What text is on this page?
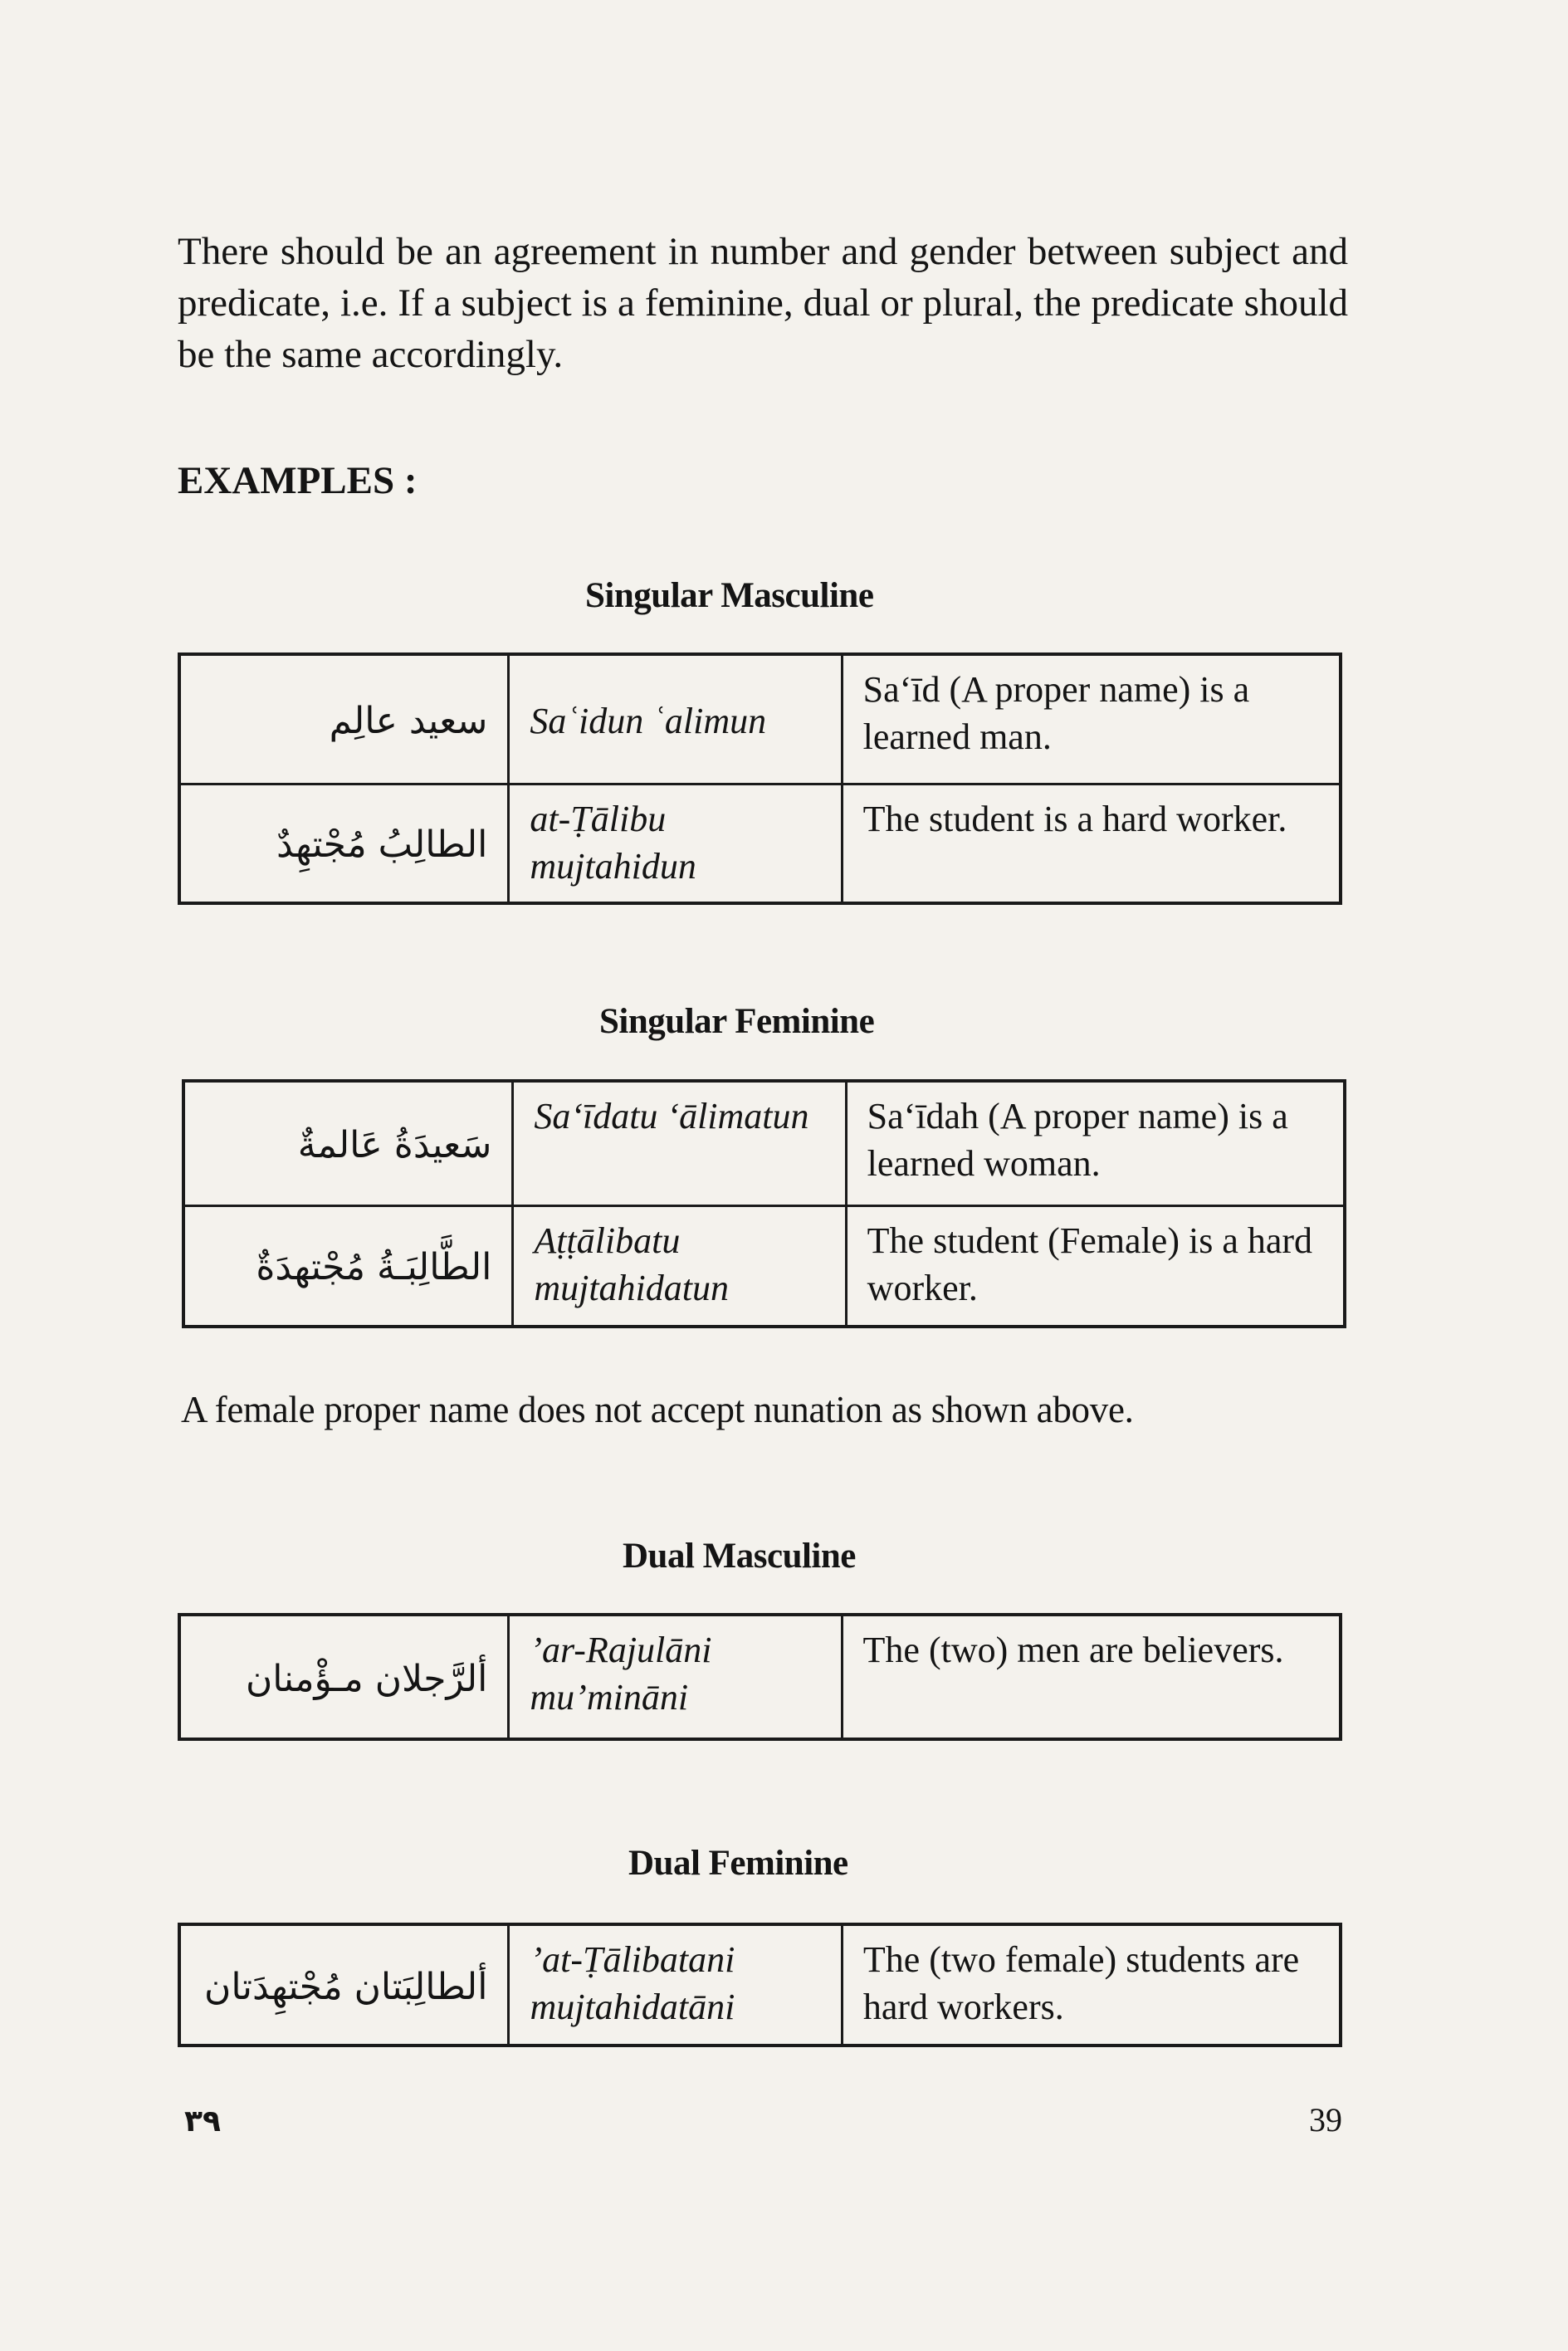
There should be an agreement in number and gender between subject and predicate, i.e. If a subject is a feminine, dual or plural, the predicate should be the same accordingly.

EXAMPLES :

Singular Masculine

سعيد عالِم	Saʿidun ʿalimun	Sa‘īd (A proper name) is a learned man.
الطالِبُ مُجْتهِدٌ	at-Ṭālibu mujtahidun	The student is a hard worker.

Singular Feminine

سَعيدَةُ عَالمةٌ	Sa‘īdatu ‘ālimatun	Sa‘īdah (A proper name) is a learned woman.
الطَّالِبَـةُ مُجْتهدَةٌ	Aṭṭālibatu mujtahidatun	The student (Female) is a hard worker.

A female proper name does not accept nunation as shown above.

Dual Masculine

ألرَّجلان مـؤْمنان	’ar-Rajulāni mu’mināni	The (two) men are believers.

Dual Feminine

ألطالِبَتان مُجْتهِدَتان	’at-Ṭālibatani mujtahidatāni	The (two female) students are hard workers.
٣٩	39
